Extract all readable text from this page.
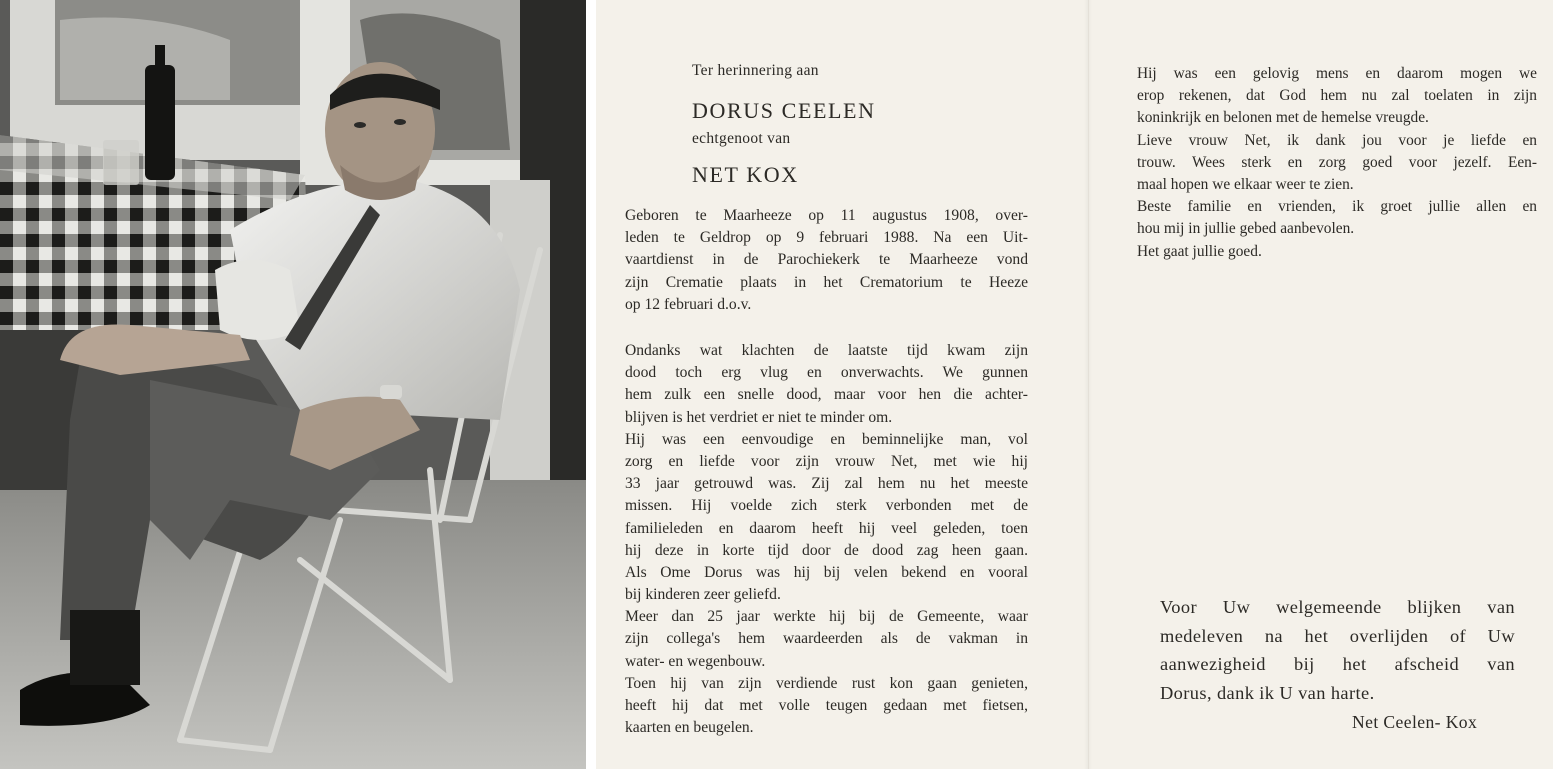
Ter herinnering aan
DORUS CEELEN
echtgenoot van
NET KOX
Geboren te Maarheeze op 11 augustus 1908, over-
leden te Geldrop op 9 februari 1988. Na een Uit-
vaartdienst in de Parochiekerk te Maarheeze vond
zijn Crematie plaats in het Crematorium te Heeze
op 12 februari d.o.v.
Ondanks wat klachten de laatste tijd kwam zijn
dood toch erg vlug en onverwachts. We gunnen
hem zulk een snelle dood, maar voor hen die achter-
blijven is het verdriet er niet te minder om.
Hij was een eenvoudige en beminnelijke man, vol
zorg en liefde voor zijn vrouw Net, met wie hij
33 jaar getrouwd was. Zij zal hem nu het meeste
missen. Hij voelde zich sterk verbonden met de
familieleden en daarom heeft hij veel geleden, toen
hij deze in korte tijd door de dood zag heen gaan.
Als Ome Dorus was hij bij velen bekend en vooral
bij kinderen zeer geliefd.
Meer dan 25 jaar werkte hij bij de Gemeente, waar
zijn collega's hem waardeerden als de vakman in
water- en wegenbouw.
Toen hij van zijn verdiende rust kon gaan genieten,
heeft hij dat met volle teugen gedaan met fietsen,
kaarten en beugelen.
Hij was een gelovig mens en daarom mogen we
erop rekenen, dat God hem nu zal toelaten in zijn
koninkrijk en belonen met de hemelse vreugde.
Lieve vrouw Net, ik dank jou voor je liefde en
trouw. Wees sterk en zorg goed voor jezelf. Een-
maal hopen we elkaar weer te zien.
Beste familie en vrienden, ik groet jullie allen en
hou mij in jullie gebed aanbevolen.
Het gaat jullie goed.
Voor Uw welgemeende blijken van
medeleven na het overlijden of Uw
aanwezigheid bij het afscheid van
Dorus, dank ik U van harte.
Net Ceelen- Kox
